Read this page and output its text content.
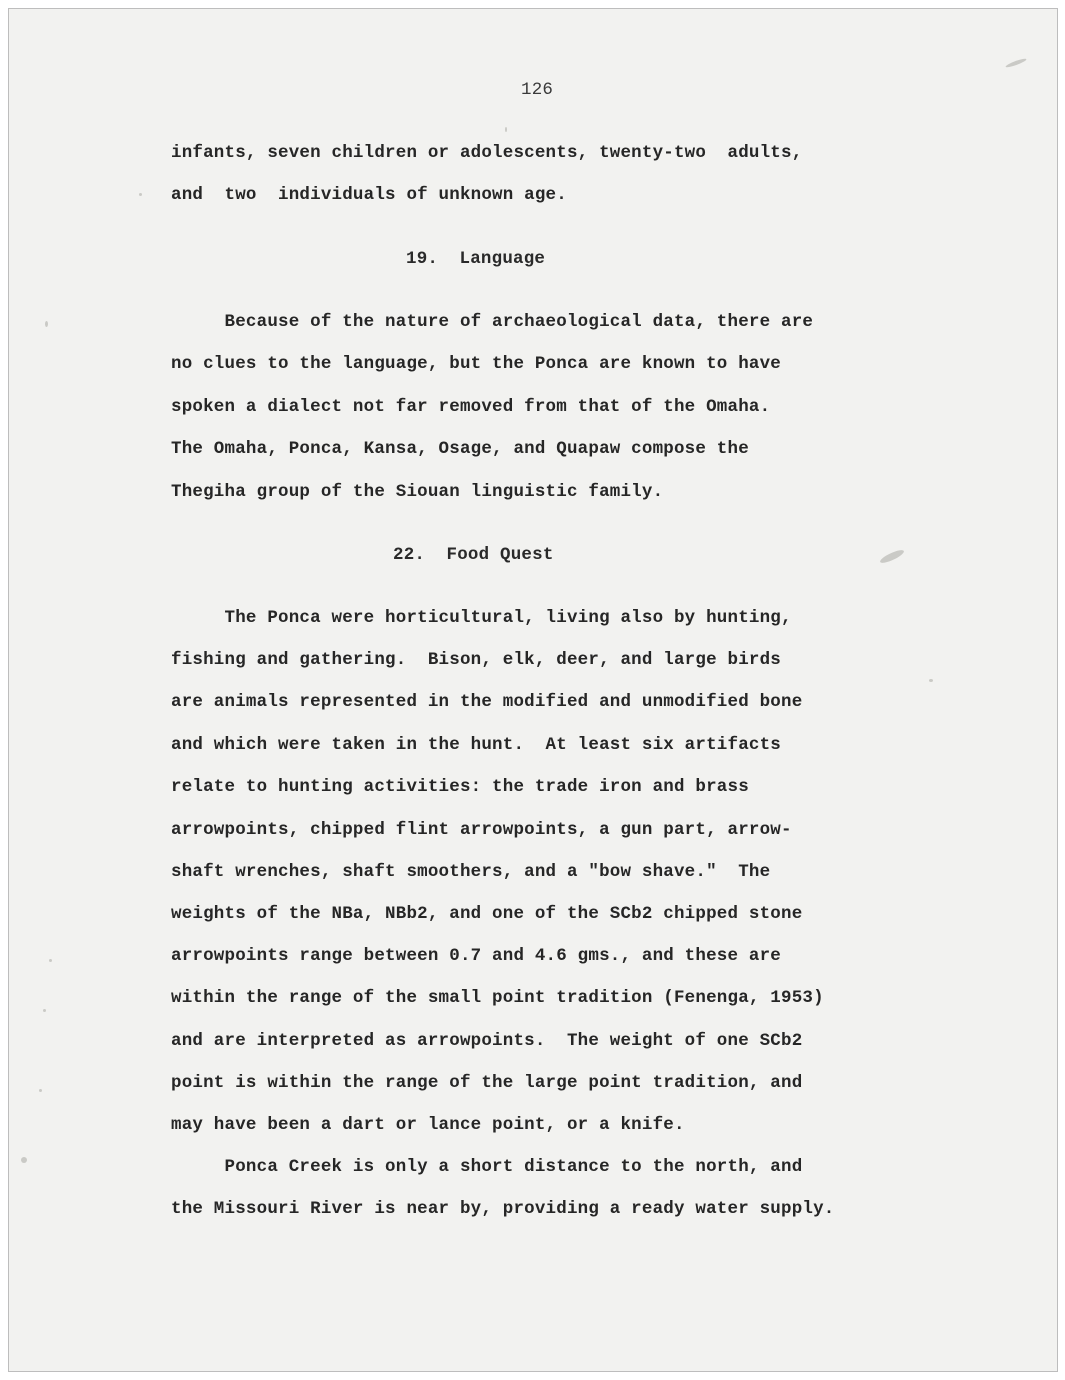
126
infants, seven children or adolescents, twenty-two  adults,
and  two  individuals of unknown age.
19.  Language
Because of the nature of archaeological data, there are
no clues to the language, but the Ponca are known to have
spoken a dialect not far removed from that of the Omaha.
The Omaha, Ponca, Kansa, Osage, and Quapaw compose the
Thegiha group of the Siouan linguistic family.
22.  Food Quest
The Ponca were horticultural, living also by hunting,
fishing and gathering.  Bison, elk, deer, and large birds
are animals represented in the modified and unmodified bone
and which were taken in the hunt.  At least six artifacts
relate to hunting activities: the trade iron and brass
arrowpoints, chipped flint arrowpoints, a gun part, arrow-
shaft wrenches, shaft smoothers, and a "bow shave."  The
weights of the NBa, NBb2, and one of the SCb2 chipped stone
arrowpoints range between 0.7 and 4.6 gms., and these are
within the range of the small point tradition (Fenenga, 1953)
and are interpreted as arrowpoints.  The weight of one SCb2
point is within the range of the large point tradition, and
may have been a dart or lance point, or a knife.
Ponca Creek is only a short distance to the north, and
the Missouri River is near by, providing a ready water supply.
